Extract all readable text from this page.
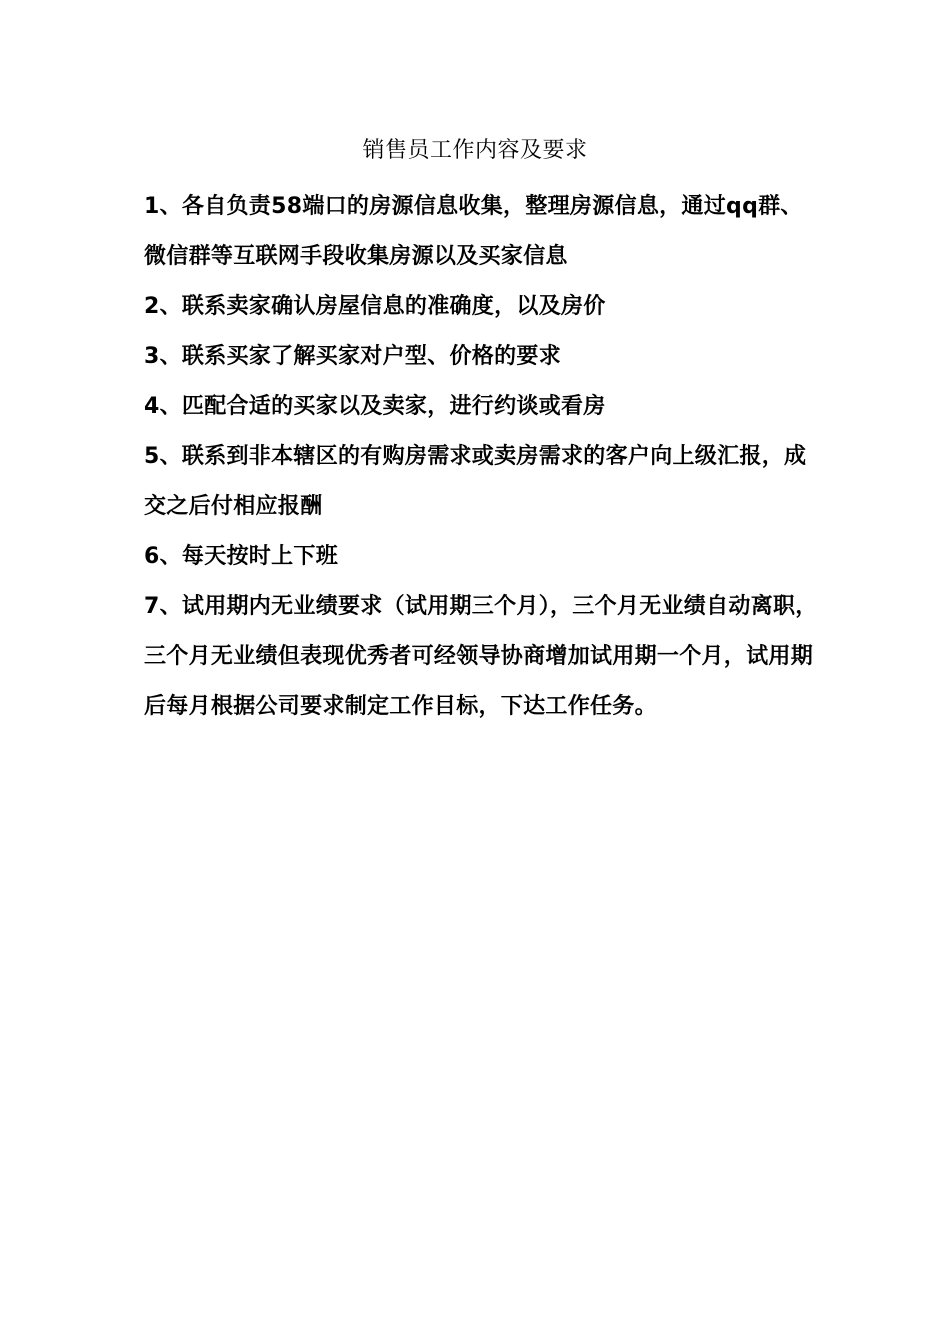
销售员工作内容及要求
1、各自负责58端口的房源信息收集，整理房源信息，通过qq群、微信群等互联网手段收集房源以及买家信息
2、联系卖家确认房屋信息的准确度，以及房价
3、联系买家了解买家对户型、价格的要求
4、匹配合适的买家以及卖家，进行约谈或看房
5、联系到非本辖区的有购房需求或卖房需求的客户向上级汇报，成交之后付相应报酬
6、每天按时上下班
7、试用期内无业绩要求（试用期三个月），三个月无业绩自动离职，三个月无业绩但表现优秀者可经领导协商增加试用期一个月，试用期后每月根据公司要求制定工作目标，下达工作任务。
